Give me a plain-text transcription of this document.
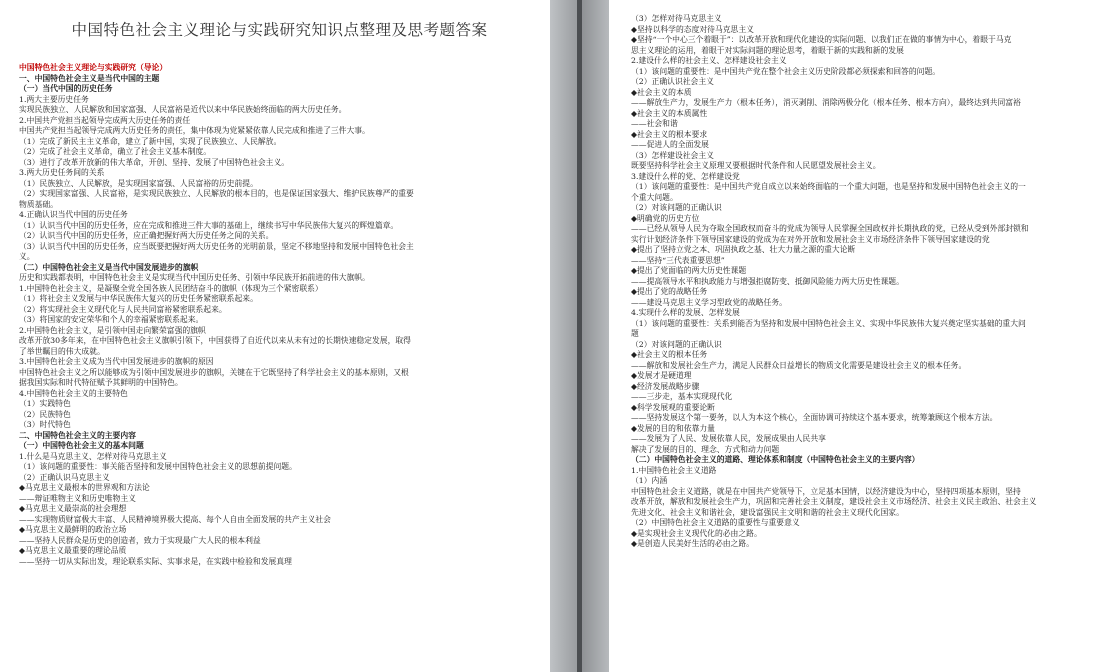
中国特色社会主义理论与实践研究知识点整理及思考题答案
中国特色社会主义理论与实践研究（导论）
一、中国特色社会主义是当代中国的主题
（一）当代中国的历史任务
1.两大主要历史任务
实现民族独立、人民解放和国家富强、人民富裕是近代以来中华民族始终面临的两大历史任务。
2.中国共产党担当起领导完成两大历史任务的责任
中国共产党担当起领导完成两大历史任务的责任，集中体现为党紧紧依靠人民完成和推进了三件大事。
（1）完成了新民主主义革命，建立了新中国，实现了民族独立、人民解放。
（2）完成了社会主义革命，确立了社会主义基本制度。
（3）进行了改革开放新的伟大革命，开创、坚持、发展了中国特色社会主义。
3.两大历史任务间的关系
（1）民族独立、人民解放，是实现国家富强、人民富裕的历史前提。
（2）实现国家富强、人民富裕，是实现民族独立、人民解放的根本目的，也是保证国家强大、维护民族尊严的重要
物质基础。
4.正确认识当代中国的历史任务
（1）认识当代中国的历史任务，应在完成和推进三件大事的基础上，继续书写中华民族伟大复兴的辉煌篇章。
（2）认识当代中国的历史任务，应正确把握好两大历史任务之间的关系。
（3）认识当代中国的历史任务，应当既要把握好两大历史任务的光明前景，坚定不移地坚持和发展中国特色社会主
义。
（二）中国特色社会主义是当代中国发展进步的旗帜
历史和实践都表明，中国特色社会主义是实现当代中国历史任务、引领中华民族开拓前进的伟大旗帜。
1.中国特色社会主义，是凝聚全党全国各族人民团结奋斗的旗帜（体现为三个紧密联系）
（1）将社会主义发展与中华民族伟大复兴的历史任务紧密联系起来。
（2）将实现社会主义现代化与人民共同富裕紧密联系起来。
（3）将国家的安定荣华和个人的幸福紧密联系起来。
2.中国特色社会主义，是引领中国走向繁荣富强的旗帜
改革开放30多年来，在中国特色社会主义旗帜引领下，中国获得了自近代以来从未有过的长期快速稳定发展，取得
了举世瞩目的伟大成就。
3.中国特色社会主义成为当代中国发展进步的旗帜的原因
中国特色社会主义之所以能够成为引领中国发展进步的旗帜，关键在于它既坚持了科学社会主义的基本原则，又根
据我国实际和时代特征赋予其鲜明的中国特色。
4.中国特色社会主义的主要特色
（1）实践特色
（2）民族特色
（3）时代特色
二、中国特色社会主义的主要内容
（一）中国特色社会主义的基本问题
1.什么是马克思主义、怎样对待马克思主义
（1）该问题的重要性：事关能否坚持和发展中国特色社会主义的思想前提问题。
（2）正确认识马克思主义
◆马克思主义最根本的世界观和方法论
——辩证唯物主义和历史唯物主义
◆马克思主义最崇高的社会理想
——实现物质财富极大丰富、人民精神境界极大提高、每个人自由全面发展的共产主义社会
◆马克思主义最鲜明的政治立场
——坚持人民群众是历史的创造者，致力于实现最广大人民的根本利益
◆马克思主义最重要的理论品质
——坚持一切从实际出发，理论联系实际、实事求是，在实践中检验和发展真理
（3）怎样对待马克思主义
◆坚持以科学的态度对待马克思主义
◆坚持“一个中心三个着眼于”：以改革开放和现代化建设的实际问题、以我们正在做的事情为中心，着眼于马克
思主义理论的运用，着眼于对实际问题的理论思考，着眼于新的实践和新的发展
2.建设什么样的社会主义、怎样建设社会主义
（1）该问题的重要性：是中国共产党在整个社会主义历史阶段都必须探索和回答的问题。
（2）正确认识社会主义
◆社会主义的本质
——解放生产力，发展生产力（根本任务），消灭剥削、消除两极分化（根本任务、根本方向），最终达到共同富裕
◆社会主义的本质属性
——社会和谐
◆社会主义的根本要求
——促进人的全面发展
（3）怎样建设社会主义
既要坚持科学社会主义原理又要根据时代条件和人民愿望发展社会主义。
3.建设什么样的党、怎样建设党
（1）该问题的重要性：是中国共产党自成立以来始终面临的一个重大问题，也是坚持和发展中国特色社会主义的一
个重大问题。
（2）对该问题的正确认识
◆明确党的历史方位
——已经从领导人民为夺取全国政权而奋斗的党成为领导人民掌握全国政权并长期执政的党，已经从受到外部封锁和
实行计划经济条件下领导国家建设的党成为在对外开放和发展社会主义市场经济条件下领导国家建设的党
◆提出了坚持立党之本、巩固执政之基、壮大力量之源的重大论断
——坚持“三代表重要思想”
◆提出了党面临的两大历史性课题
——提高领导水平和执政能力与增强拒腐防变、抵御风险能力两大历史性课题。
◆提出了党的战略任务
——建设马克思主义学习型政党的战略任务。
4.实现什么样的发展、怎样发展
（1）该问题的重要性：关系到能否为坚持和发展中国特色社会主义、实现中华民族伟大复兴奠定坚实基础的重大问
题
（2）对该问题的正确认识
◆社会主义的根本任务
——解放和发展社会生产力，满足人民群众日益增长的物质文化需要是建设社会主义的根本任务。
◆发展才是硬道理
◆经济发展战略步骤
——三步走，基本实现现代化
◆科学发展观的重要论断
——坚持发展这个第一要务，以人为本这个核心，全面协调可持续这个基本要求，统筹兼顾这个根本方法。
◆发展的目的和依靠力量
——发展为了人民、发展依靠人民，发展成果由人民共享
解决了发展的目的、理念、方式和动力问题
（二）中国特色社会主义的道路、理论体系和制度（中国特色社会主义的主要内容）
1.中国特色社会主义道路
（1）内涵
中国特色社会主义道路，就是在中国共产党领导下，立足基本国情，以经济建设为中心，坚持四项基本原则，坚持
改革开放，解放和发展社会生产力，巩固和完善社会主义制度，建设社会主义市场经济、社会主义民主政治、社会主义
先进文化、社会主义和谐社会，建设富强民主文明和谐的社会主义现代化国家。
（2）中国特色社会主义道路的重要性与重要意义
◆是实现社会主义现代化的必由之路。
◆是创造人民美好生活的必由之路。
